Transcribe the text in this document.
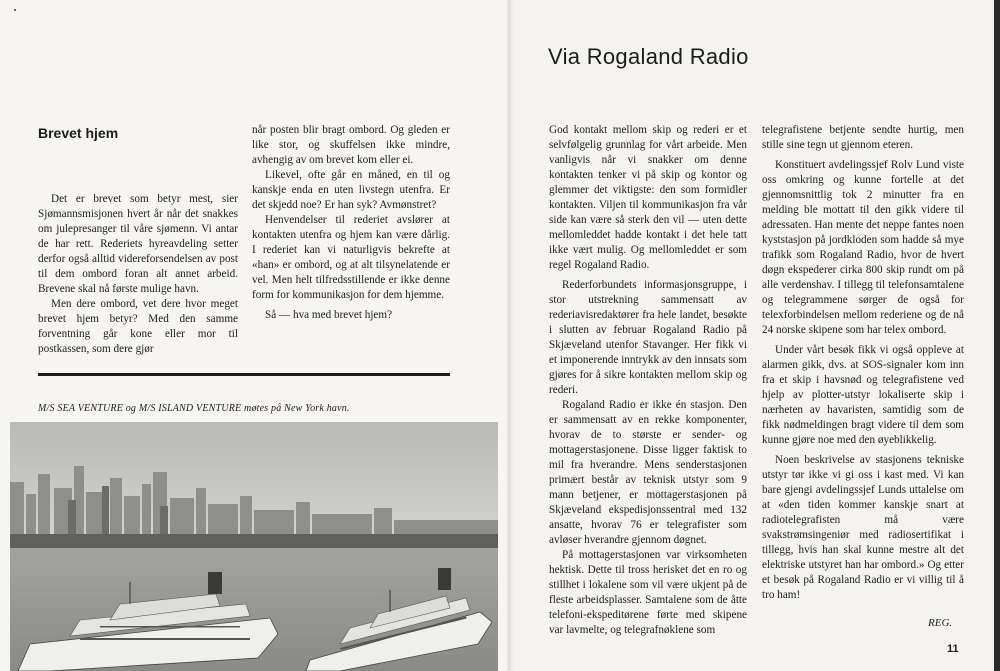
Brevet hjem

Det er brevet som betyr mest, sier Sjømannsmisjonen hvert år når det snakkes om julepresanger til våre sjømenn. Vi antar de har rett. Rederiets hyreavdeling setter derfor også alltid videreforsendelsen av post til dem ombord foran alt annet arbeid. Brevene skal nå første mulige havn.

Men dere ombord, vet dere hvor meget brevet hjem betyr? Med den samme forventning går kone eller mor til postkassen, som dere gjør

når posten blir bragt ombord. Og gleden er like stor, og skuffelsen ikke mindre, avhengig av om brevet kom eller ei.

Likevel, ofte går en måned, en til og kanskje enda en uten livstegn utenfra. Er det skjedd noe? Er han syk? Avmønstret?

Henvendelser til rederiet avslører at kontakten utenfra og hjem kan være dårlig. I rederiet kan vi naturligvis bekrefte at «han» er ombord, og at alt tilsynelatende er vel. Men helt tilfredsstillende er ikke denne form for kommunikasjon for dem hjemme.

Så — hva med brevet hjem?

M/S SEA VENTURE og M/S ISLAND VENTURE møtes på New York havn.
Via Rogaland Radio

God kontakt mellom skip og rederi er et selvfølgelig grunnlag for vårt arbeide. Men vanligvis når vi snakker om denne kontakten tenker vi på skip og kontor og glemmer det viktigste: den som formidler kontakten. Viljen til kommunikasjon fra vår side kan være så sterk den vil — uten dette mellomleddet hadde kontakt i det hele tatt ikke vært mulig. Og mellomleddet er som regel Rogaland Radio.

Rederforbundets informasjonsgruppe, i stor utstrekning sammensatt av rederiavisredaktører fra hele landet, besøkte i slutten av februar Rogaland Radio på Skjæveland utenfor Stavanger. Her fikk vi et imponerende inntrykk av den innsats som gjøres for å sikre kontakten mellom skip og rederi.

Rogaland Radio er ikke én stasjon. Den er sammensatt av en rekke komponenter, hvorav de to største er sender- og mottagerstasjonene. Disse ligger faktisk to mil fra hverandre. Mens senderstasjonen primært består av teknisk utstyr som 9 mann betjener, er mottagerstasjonen på Skjæveland ekspedisjonssentral med 132 ansatte, hvorav 76 er telegrafister som avløser hverandre gjennom døgnet.

På mottagerstasjonen var virksomheten hektisk. Dette til tross herisket det en ro og stillhet i lokalene som vil være ukjent på de fleste arbeidsplasser. Samtalene som de åtte telefoni-ekspeditørene førte med skipene var lavmelte, og telegrafnøklene som

telegrafistene betjente sendte hurtig, men stille sine tegn ut gjennom eteren.

Konstituert avdelingssjef Rolv Lund viste oss omkring og kunne fortelle at det gjennomsnittlig tok 2 minutter fra en melding ble mottatt til den gikk videre til adressaten. Han mente det neppe fantes noen kyststasjon på jordkloden som hadde så mye trafikk som Rogaland Radio, hvor de hvert døgn ekspederer cirka 800 skip rundt om på alle verdenshav. I tillegg til telefonsamtalene og telegrammene sørger de også for telexforbindelsen mellom rederiene og de nå 24 norske skipene som har telex ombord.

Under vårt besøk fikk vi også oppleve at alarmen gikk, dvs. at SOS-signaler kom inn fra et skip i havsnød og telegrafistene ved hjelp av plotter-utstyr lokaliserte skip i nærheten av havaristen, samtidig som de fikk nødmeldingen bragt videre til dem som kunne gjøre noe med den øyeblikkelig.

Noen beskrivelse av stasjonens tekniske utstyr tør ikke vi gi oss i kast med. Vi kan bare gjengi avdelingssjef Lunds uttalelse om at «den tiden kommer kanskje snart at radiotelegrafisten må være svakstrømsingeniør med radiosertifikat i tillegg, hvis han skal kunne mestre alt det elektriske utstyret han har ombord.» Og etter et besøk på Rogaland Radio er vi villig til å tro ham!

REG.
11
